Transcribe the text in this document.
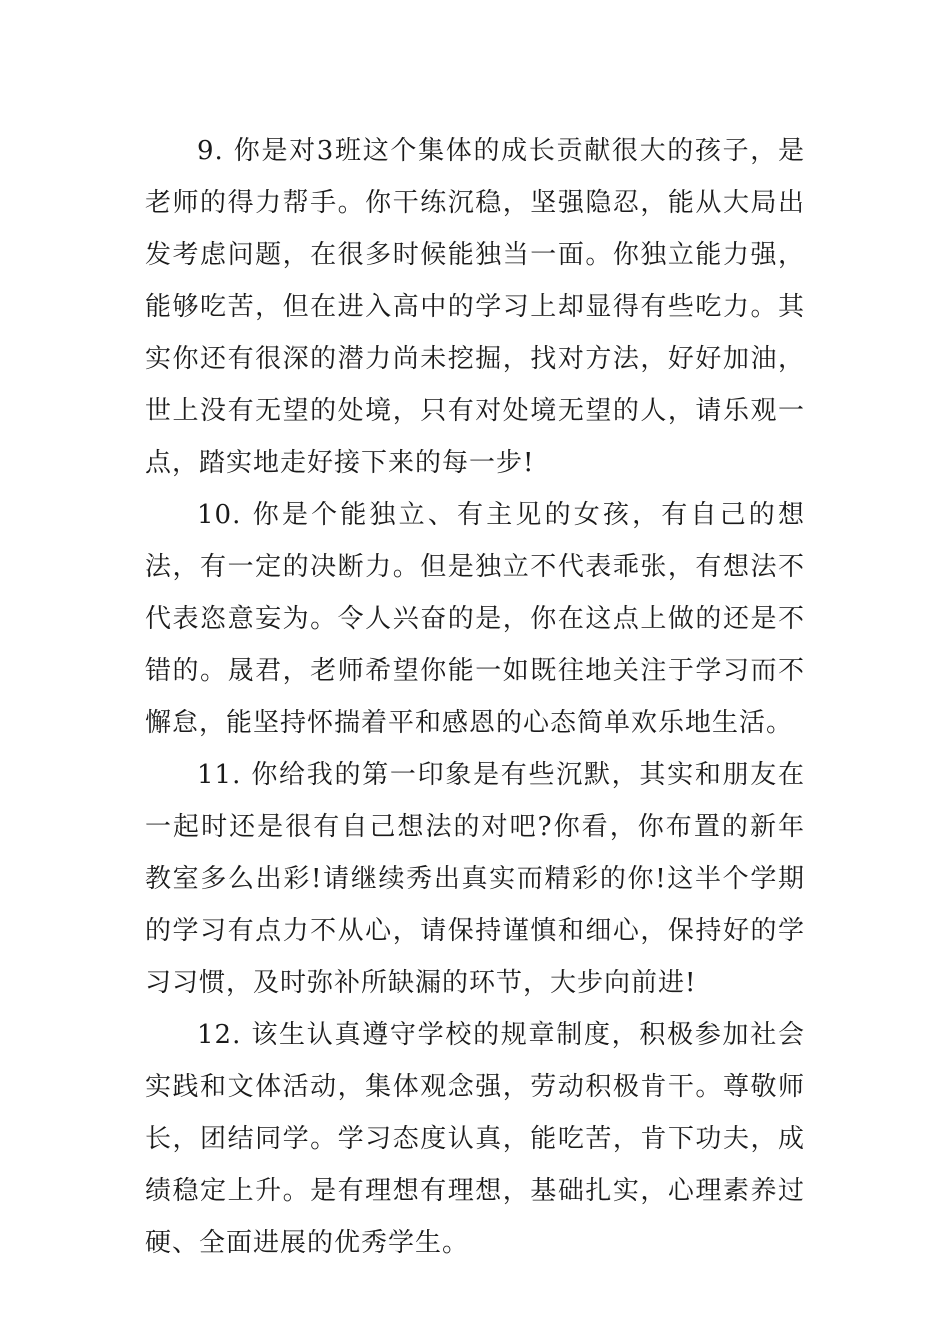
9. 你是对3班这个集体的成长贡献很大的孩子，是老师的得力帮手。你干练沉稳，坚强隐忍，能从大局出发考虑问题，在很多时候能独当一面。你独立能力强，能够吃苦，但在进入高中的学习上却显得有些吃力。其实你还有很深的潜力尚未挖掘，找对方法，好好加油，世上没有无望的处境，只有对处境无望的人，请乐观一点，踏实地走好接下来的每一步!

10. 你是个能独立、有主见的女孩，有自己的想法，有一定的决断力。但是独立不代表乖张，有想法不代表恣意妄为。令人兴奋的是，你在这点上做的还是不错的。晟君，老师希望你能一如既往地关注于学习而不懈怠，能坚持怀揣着平和感恩的心态简单欢乐地生活。

11. 你给我的第一印象是有些沉默，其实和朋友在一起时还是很有自己想法的对吧?你看，你布置的新年教室多么出彩!请继续秀出真实而精彩的你!这半个学期的学习有点力不从心，请保持谨慎和细心，保持好的学习习惯，及时弥补所缺漏的环节，大步向前进!

12. 该生认真遵守学校的规章制度，积极参加社会实践和文体活动，集体观念强，劳动积极肯干。尊敬师长，团结同学。学习态度认真，能吃苦，肯下功夫，成绩稳定上升。是有理想有理想，基础扎实，心理素养过硬、全面进展的优秀学生。
